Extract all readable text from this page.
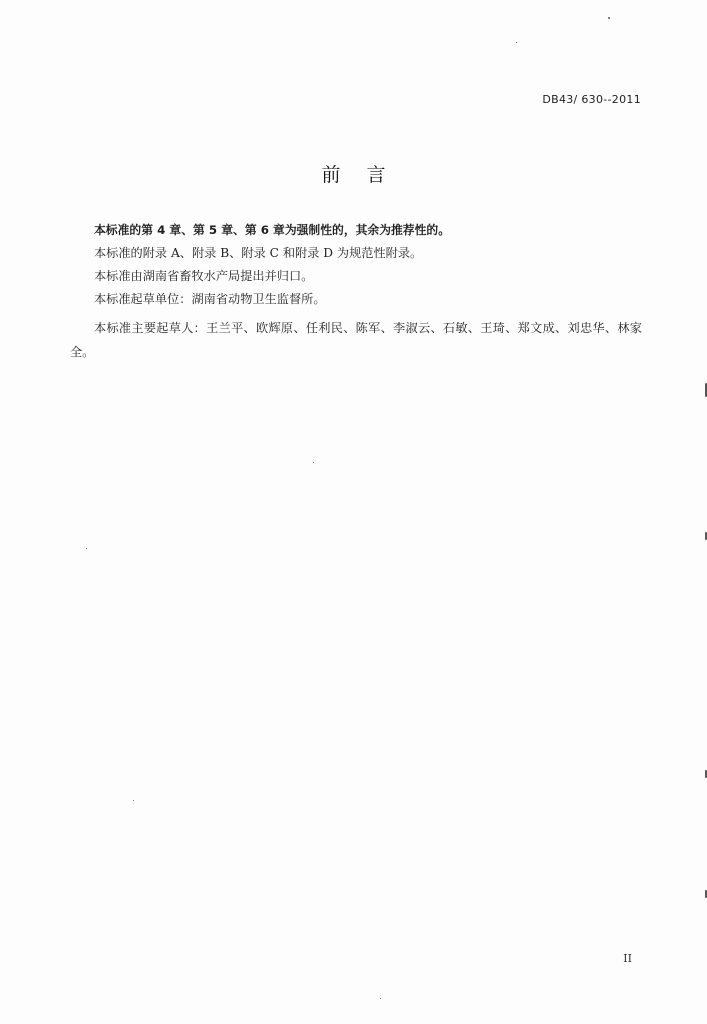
DB43/ 630--2011
前言

本标准的第 4 章、第 5 章、第 6 章为强制性的，其余为推荐性的。

本标准的附录 A、附录 B、附录 C 和附录 D 为规范性附录。

本标准由湖南省畜牧水产局提出并归口。

本标准起草单位：湖南省动物卫生监督所。

本标准主要起草人：王兰平、欧辉原、任利民、陈军、李淑云、石敏、王琦、郑文成、刘忠华、林家全。

II
